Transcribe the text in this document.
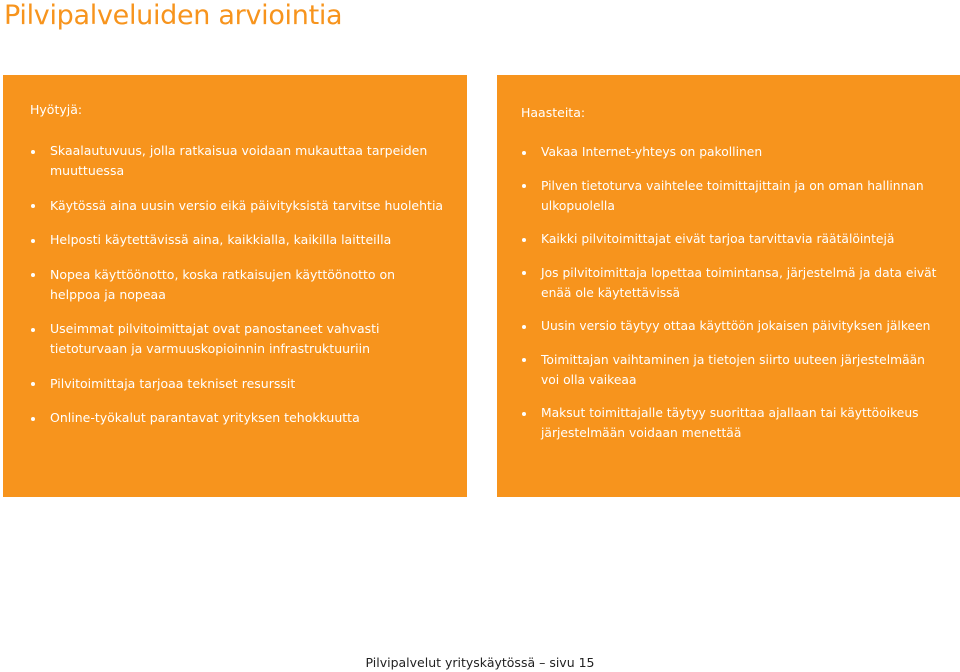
Pilvipalveluiden arviointia
Hyötyjä:
Skaalautuvuus, jolla ratkaisua voidaan mukauttaa tarpeiden muuttuessa
Käytössä aina uusin versio eikä päivityksistä tarvitse huolehtia
Helposti käytettävissä aina, kaikkialla, kaikilla laitteilla
Nopea käyttöönotto, koska ratkaisujen käyttöönotto on helppoa ja nopeaa
Useimmat pilvitoimittajat ovat panostaneet vahvasti tietoturvaan ja varmuuskopioinnin infrastruktuuriin
Pilvitoimittaja tarjoaa tekniset resurssit
Online-työkalut parantavat yrityksen tehokkuutta
Haasteita:
Vakaa Internet-yhteys on pakollinen
Pilven tietoturva vaihtelee toimittajittain ja on oman hallinnan ulkopuolella
Kaikki pilvitoimittajat eivät tarjoa tarvittavia räätälöintejä
Jos pilvitoimittaja lopettaa toimintansa, järjestelmä ja data eivät enää ole käytettävissä
Uusin versio täytyy ottaa käyttöön jokaisen päivityksen jälkeen
Toimittajan vaihtaminen ja tietojen siirto uuteen järjestelmään voi olla vaikeaa
Maksut toimittajalle täytyy suorittaa ajallaan tai käyttöoikeus järjestelmään voidaan menettää
Pilvipalvelut yrityskäytössä – sivu 15
